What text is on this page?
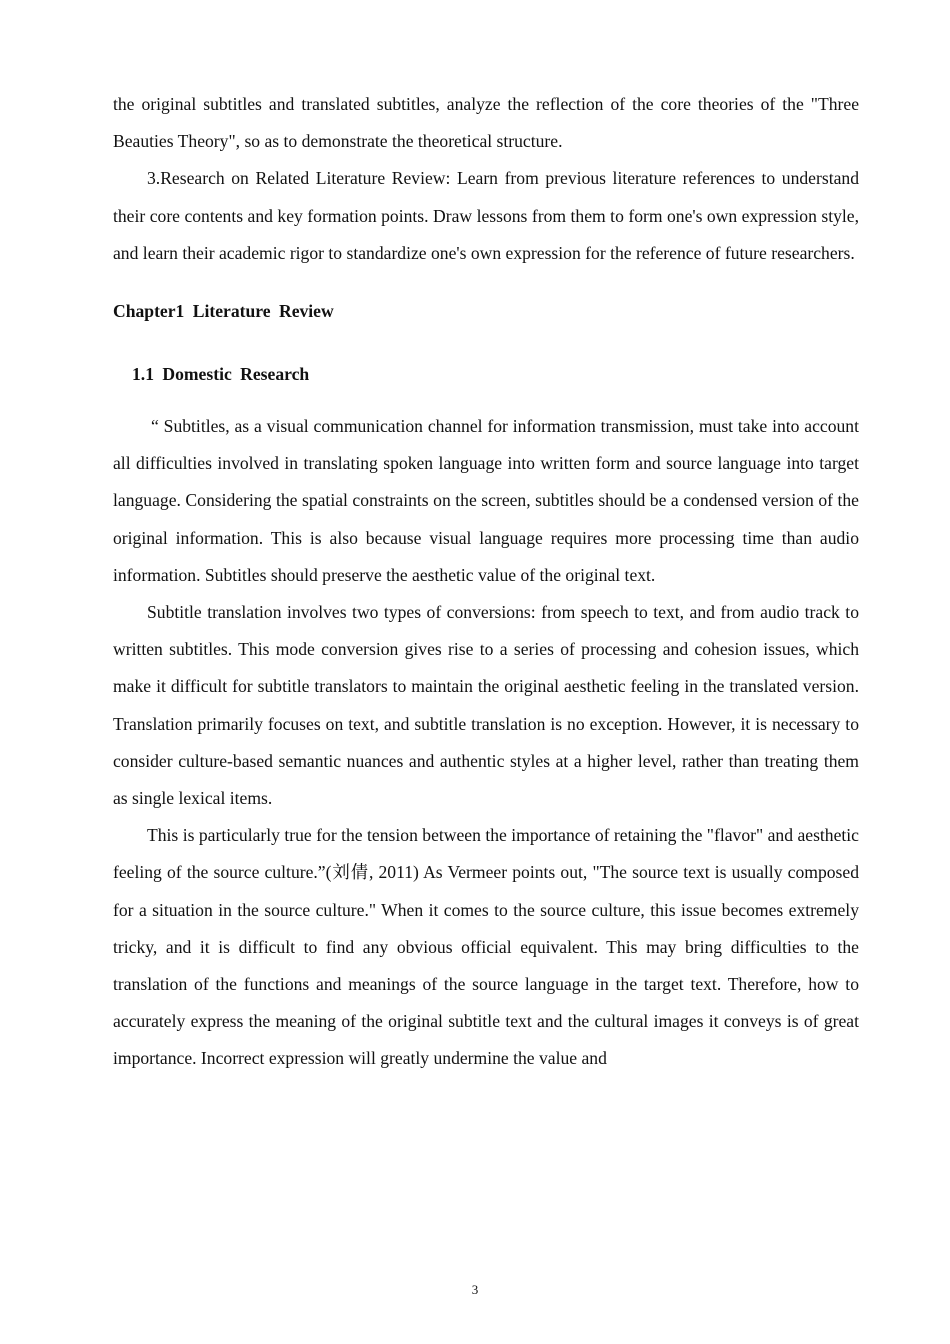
the original subtitles and translated subtitles, analyze the reflection of the core theories of the "Three Beauties Theory", so as to demonstrate the theoretical structure.

3.Research on Related Literature Review: Learn from previous literature references to understand their core contents and key formation points. Draw lessons from them to form one's own expression style, and learn their academic rigor to standardize one's own expression for the reference of future researchers.

Chapter1 Literature Review
1.1 Domestic Research

“ Subtitles, as a visual communication channel for information transmission, must take into account all difficulties involved in translating spoken language into written form and source language into target language. Considering the spatial constraints on the screen, subtitles should be a condensed version of the original information. This is also because visual language requires more processing time than audio information. Subtitles should preserve the aesthetic value of the original text.

Subtitle translation involves two types of conversions: from speech to text, and from audio track to written subtitles. This mode conversion gives rise to a series of processing and cohesion issues, which make it difficult for subtitle translators to maintain the original aesthetic feeling in the translated version. Translation primarily focuses on text, and subtitle translation is no exception. However, it is necessary to consider culture-based semantic nuances and authentic styles at a higher level, rather than treating them as single lexical items.

This is particularly true for the tension between the importance of retaining the "flavor" and aesthetic feeling of the source culture.”(刘倩, 2011) As Vermeer points out, "The source text is usually composed for a situation in the source culture." When it comes to the source culture, this issue becomes extremely tricky, and it is difficult to find any obvious official equivalent. This may bring difficulties to the translation of the functions and meanings of the source language in the target text. Therefore, how to accurately express the meaning of the original subtitle text and the cultural images it conveys is of great importance. Incorrect expression will greatly undermine the value and

3
